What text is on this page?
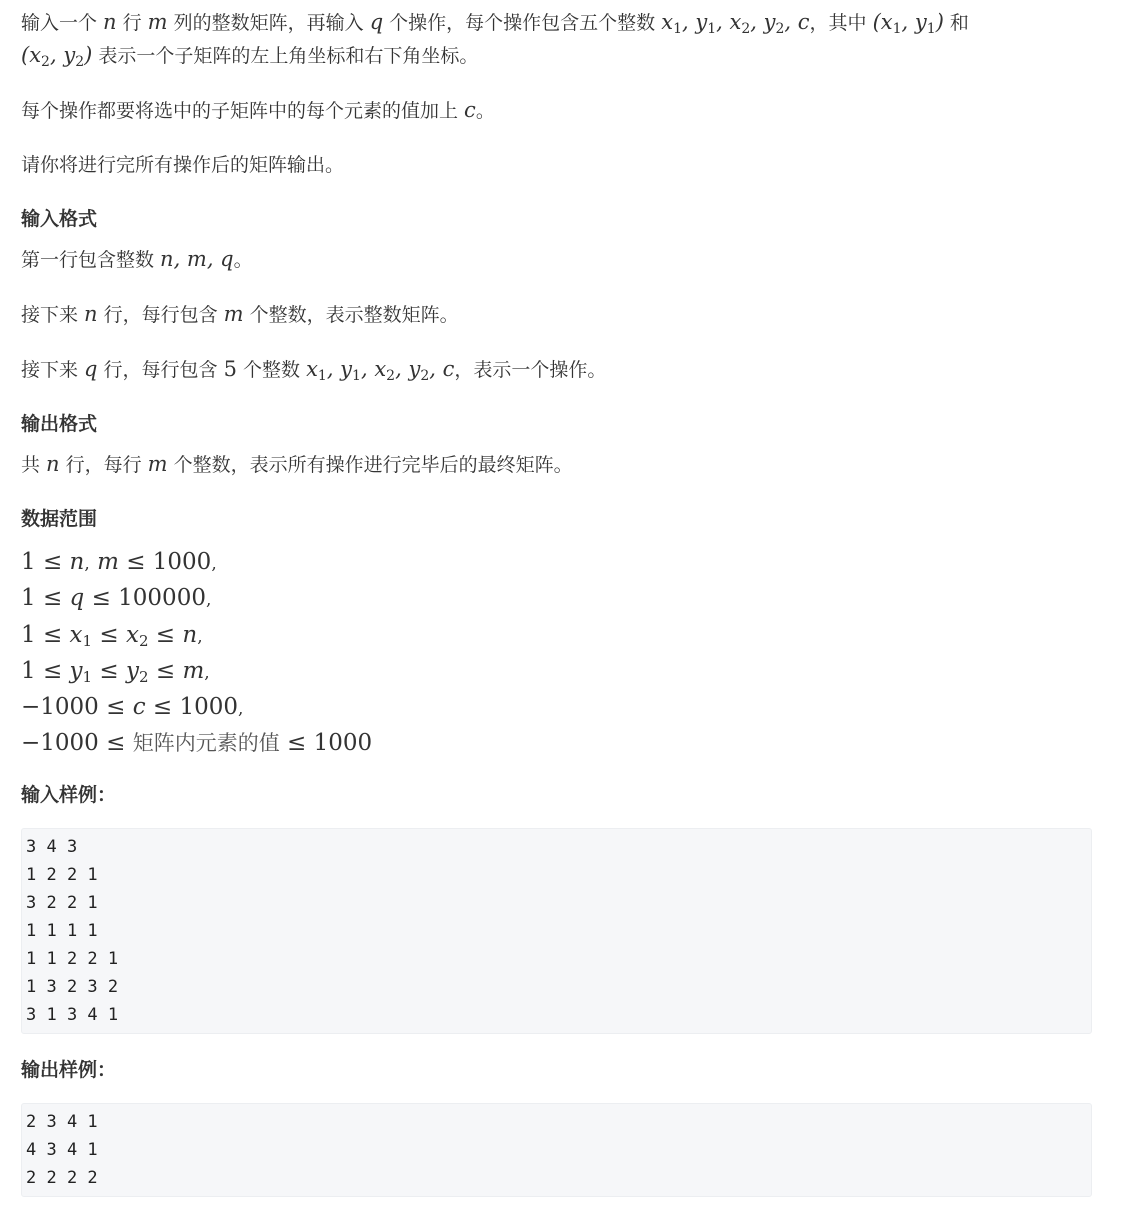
输入一个 n 行 m 列的整数矩阵，再输入 q 个操作，每个操作包含五个整数 $x_1$, $y_1$, $x_2$, $y_2$, c，其中 ($x_1$, $y_1$) 和
($x_2$, $y_2$) 表示一个子矩阵的左上角坐标和右下角坐标。

每个操作都要将选中的子矩阵中的每个元素的值加上 c。

请你将进行完所有操作后的矩阵输出。

输入格式

第一行包含整数 n, m, q。

接下来 n 行，每行包含 m 个整数，表示整数矩阵。

接下来 q 行，每行包含 5 个整数 $x_1$, $y_1$, $x_2$, $y_2$, c，表示一个操作。

输出格式

共 n 行，每行 m 个整数，表示所有操作进行完毕后的最终矩阵。

数据范围

1 ≤ n, m ≤ 1000,

1 ≤ q ≤ 100000,

$1 \le x_1 \le x_2 \le n$,

$1 \le y_1 \le y_2 \le m$,

−1000 ≤ c ≤ 1000,

−1000 ≤ 矩阵内元素的值 ≤ 1000

输入样例：
3 4 3
1 2 2 1
3 2 2 1
1 1 1 1
1 1 2 2 1
1 3 2 3 2
3 1 3 4 1
输出样例：
2 3 4 1
4 3 4 1
2 2 2 2
